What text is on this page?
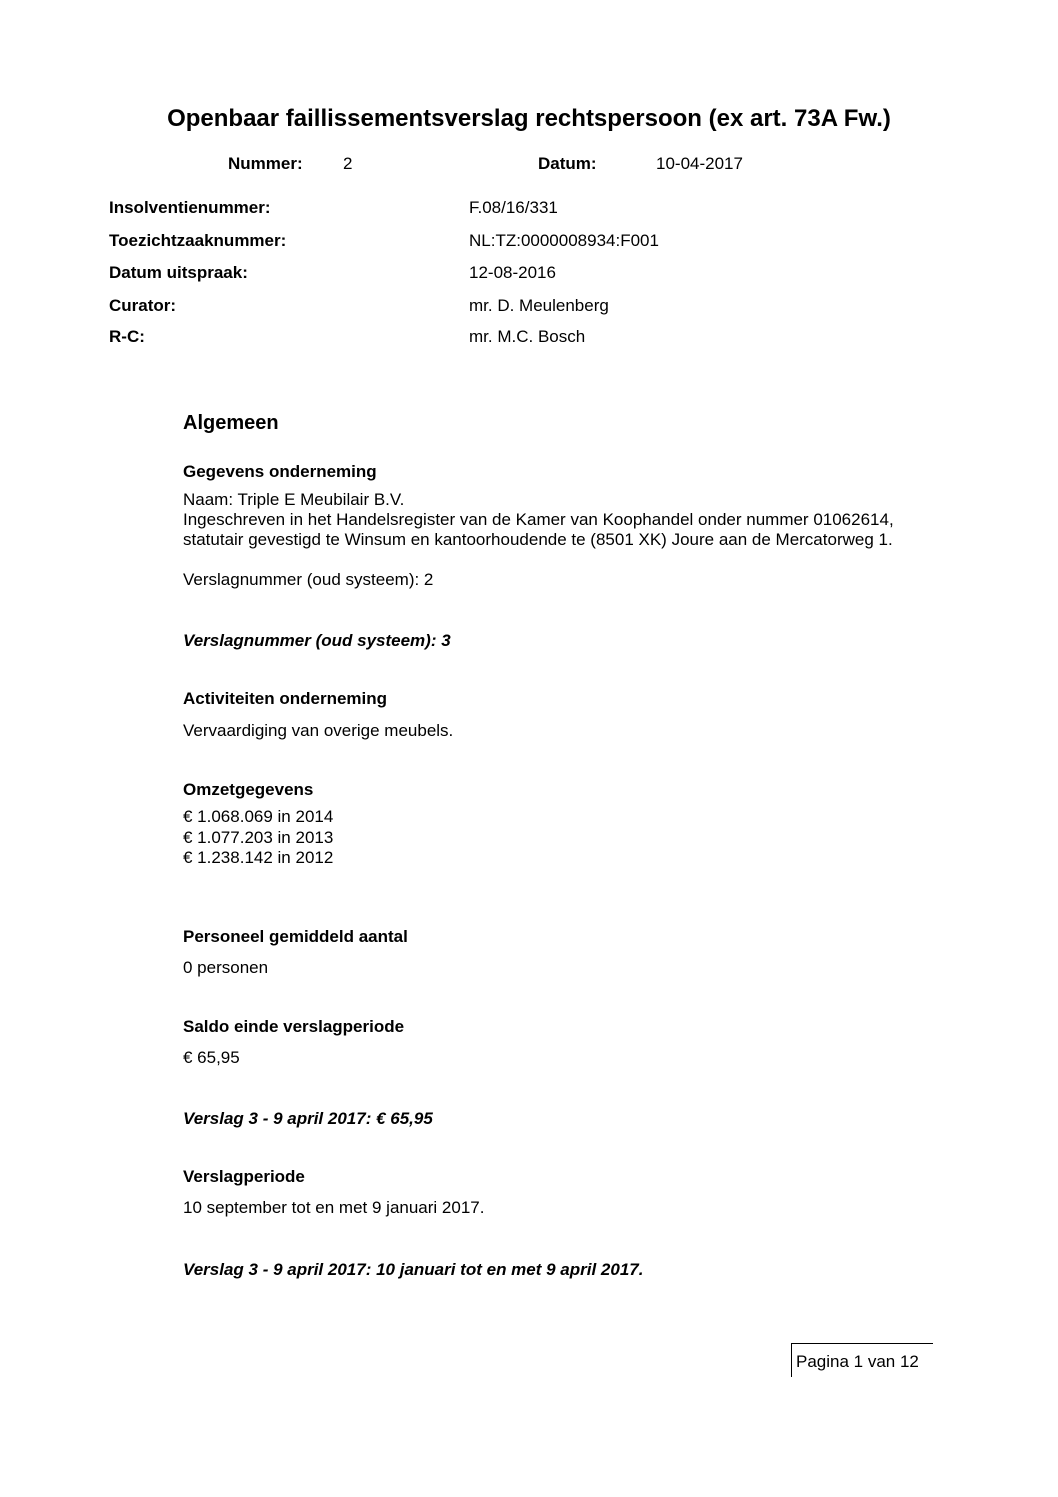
Openbaar faillissementsverslag rechtspersoon (ex art. 73A Fw.)
Nummer: 2	Datum:	10-04-2017
Insolventienummer:	F.08/16/331
Toezichtzaaknummer:	NL:TZ:0000008934:F001
Datum uitspraak:	12-08-2016
Curator:	mr. D. Meulenberg
R-C:	mr. M.C. Bosch
Algemeen
Gegevens onderneming
Naam: Triple E Meubilair B.V.
Ingeschreven in het Handelsregister van de Kamer van Koophandel onder nummer 01062614,
statutair gevestigd te Winsum en kantoorhoudende te (8501 XK) Joure aan de Mercatorweg 1.
Verslagnummer (oud systeem): 2
Verslagnummer (oud systeem): 3
Activiteiten onderneming
Vervaardiging van overige meubels.
Omzetgegevens
€ 1.068.069 in 2014
€ 1.077.203 in 2013
€ 1.238.142 in 2012
Personeel gemiddeld aantal
0 personen
Saldo einde verslagperiode
€ 65,95
Verslag 3 - 9 april 2017: € 65,95
Verslagperiode
10 september tot en met 9 januari 2017.
Verslag 3 - 9 april 2017: 10 januari tot en met 9 april 2017.
Pagina 1 van 12
